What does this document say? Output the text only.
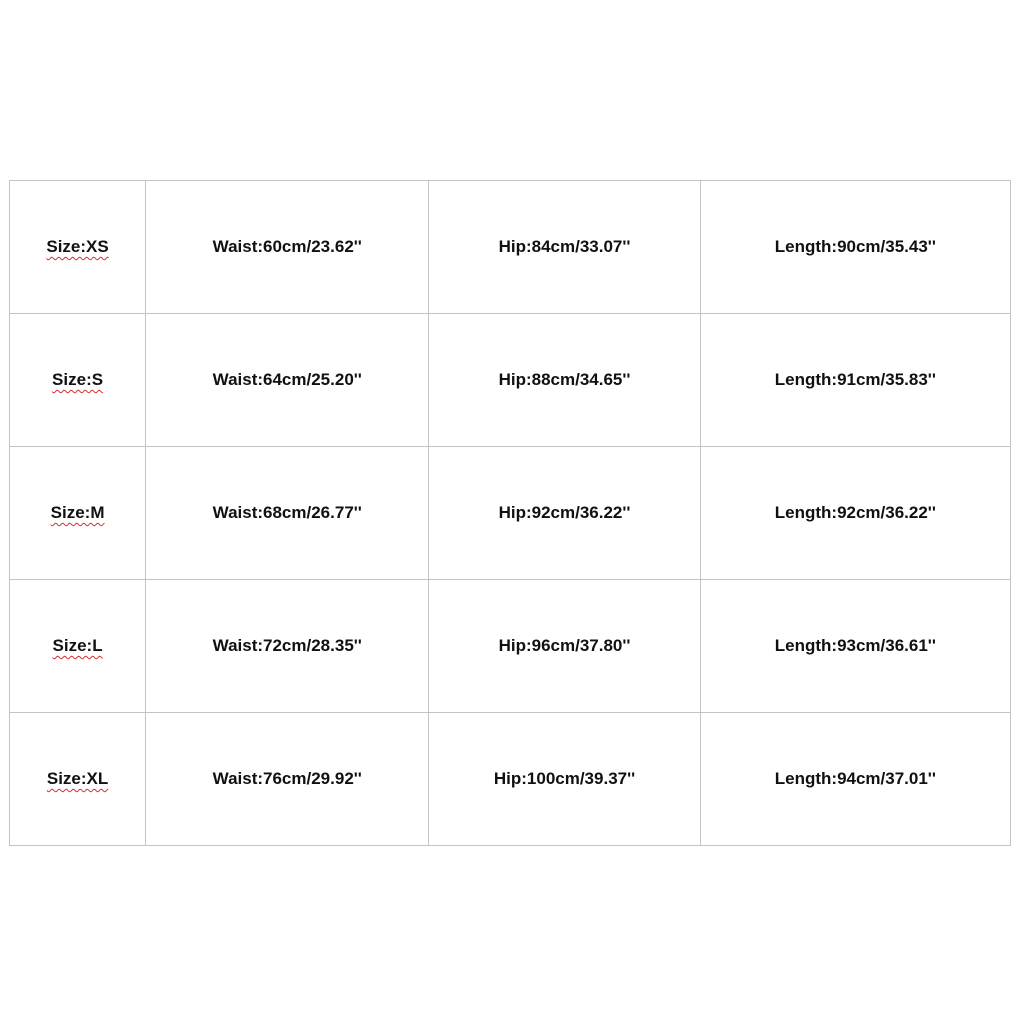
Size:XS	Waist:60cm/23.62''	Hip:84cm/33.07''	Length:90cm/35.43''
Size:S	Waist:64cm/25.20''	Hip:88cm/34.65''	Length:91cm/35.83''
Size:M	Waist:68cm/26.77''	Hip:92cm/36.22''	Length:92cm/36.22''
Size:L	Waist:72cm/28.35''	Hip:96cm/37.80''	Length:93cm/36.61''
Size:XL	Waist:76cm/29.92''	Hip:100cm/39.37''	Length:94cm/37.01''
